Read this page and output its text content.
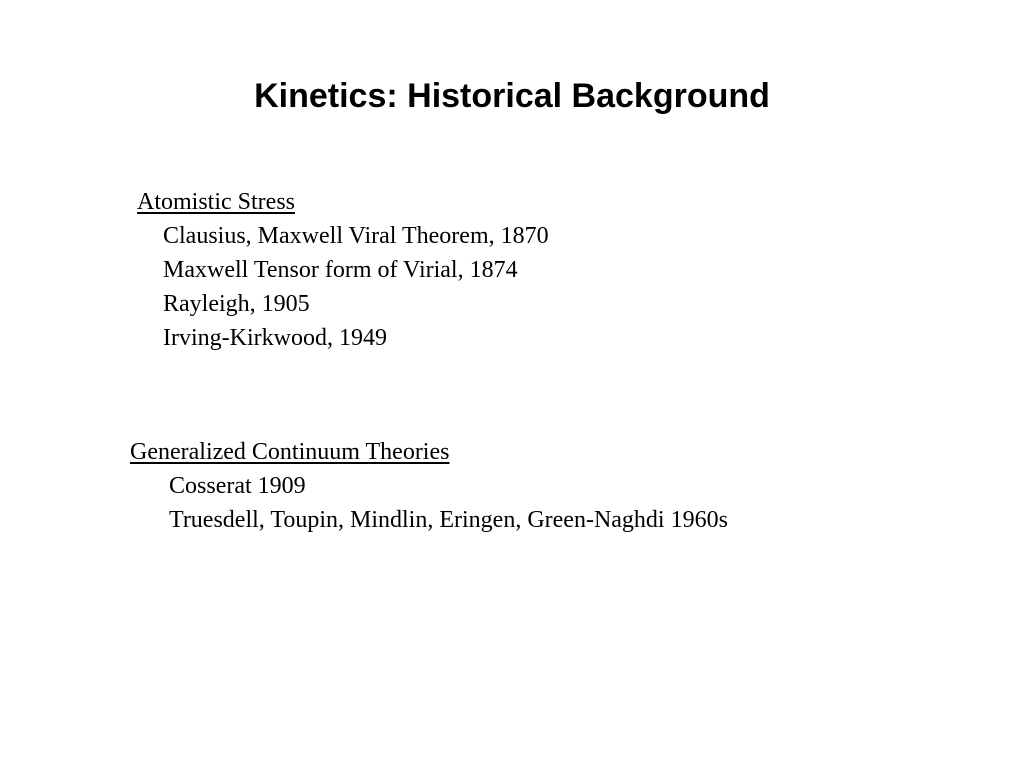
Kinetics: Historical Background
Atomistic Stress
Clausius, Maxwell Viral Theorem, 1870
Maxwell Tensor form of Virial, 1874
Rayleigh, 1905
Irving-Kirkwood, 1949
Generalized Continuum Theories
Cosserat 1909
Truesdell, Toupin, Mindlin, Eringen, Green-Naghdi 1960s
